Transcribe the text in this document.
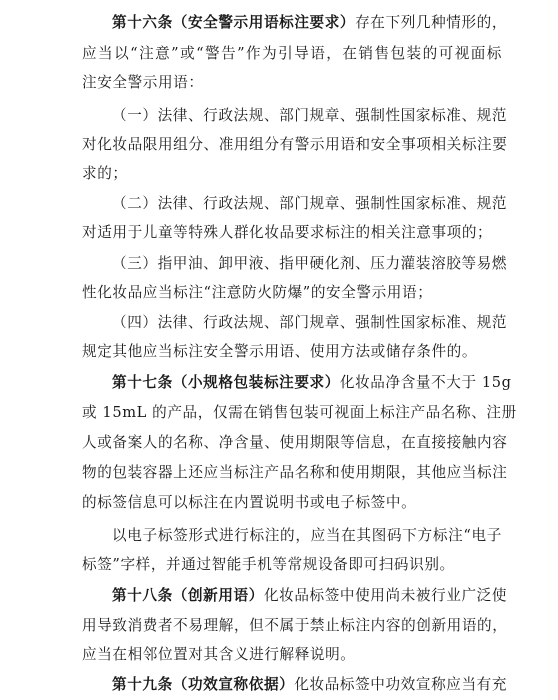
第十六条（安全警示用语标注要求）存在下列几种情形的，
应当以“注意”或“警告”作为引导语，在销售包装的可视面标
注安全警示用语：
（一）法律、行政法规、部门规章、强制性国家标准、规范
对化妆品限用组分、准用组分有警示用语和安全事项相关标注要
求的；
（二）法律、行政法规、部门规章、强制性国家标准、规范
对适用于儿童等特殊人群化妆品要求标注的相关注意事项的；
（三）指甲油、卸甲液、指甲硬化剂、压力灌装溶胶等易燃
性化妆品应当标注“注意防火防爆”的安全警示用语；
（四）法律、行政法规、部门规章、强制性国家标准、规范
规定其他应当标注安全警示用语、使用方法或储存条件的。
第十七条（小规格包装标注要求）化妆品净含量不大于 15g
或 15mL 的产品，仅需在销售包装可视面上标注产品名称、注册
人或备案人的名称、净含量、使用期限等信息，在直接接触内容
物的包装容器上还应当标注产品名称和使用期限，其他应当标注
的标签信息可以标注在内置说明书或电子标签中。
以电子标签形式进行标注的，应当在其图码下方标注“电子
标签”字样，并通过智能手机等常规设备即可扫码识别。
第十八条（创新用语）化妆品标签中使用尚未被行业广泛使
用导致消费者不易理解，但不属于禁止标注内容的创新用语的，
应当在相邻位置对其含义进行解释说明。
第十九条（功效宣称依据）化妆品标签中功效宣称应当有充
